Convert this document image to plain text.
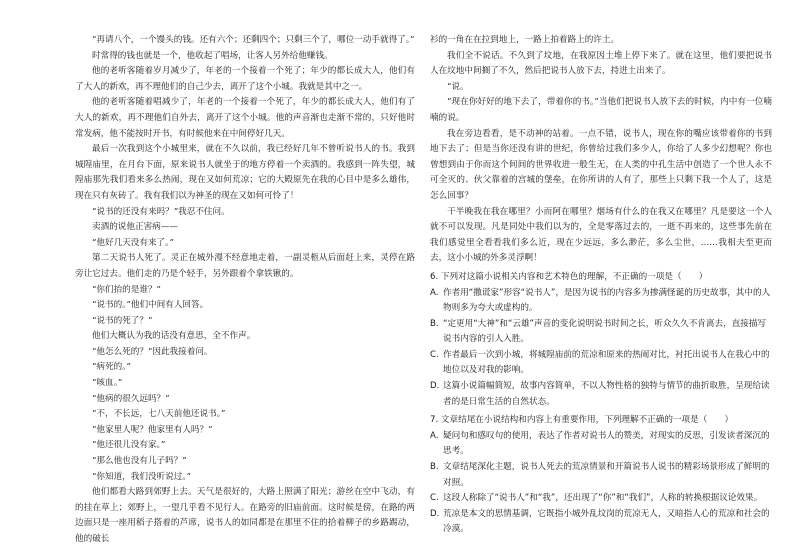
“再请八个，一个馒头的钱。还有六个；还剩四个；只剩三个了，哪位一动手就得了。”

时常得的钱也就是一个，他收起了唱场，让客人另外给他赚钱。

他的老听客随着岁月减少了，年老的一个接着一个死了；年少的都长成大人，他们有了大人的新欢，再不理他们的自己少去，离开了这个小城。我就是其中之一。

他的老听客随着唱减少了，年老的一个接着一个死了，年少的都长成大人，他们有了大人的新欢，再不理他们自外去，离开了这个小城。他的声音渐也走渐不常的，只好他时常发病，他不能按时开书，有时候他来在中间停好几天。

最后一次我到这个小城里来，就在不久以前，我已经好几年不曾听说书人的书。我到城隍庙里，在月台下面，原来说书人就坐于的地方停着一个卖酒的。我感到一阵失望，城隍庙那先我们看来多么热闹，现在又如何荒凉；它的大殿原先在我的心目中是多么雄伟，现在只有灰砖了。我有我们以为神圣的现在又如何可怜了！

“说书的还没有来吗？”我忍不住问。

卖酒的说他正害病——

“他好几天没有来了。”

第二天说书人死了。灵正在城外漫不经意地走着，一副灵柩从后面赶上来，灵停在路旁让它过去。他们走的乃是个轻手，另外跟着个拿铁锹的。

“你们抬的是谁？”

“说书的。”他们中间有人回答。

“说书的死了？”

他们大概认为我的话没有意思，全不作声。

“他怎么死的？”因此我接着问。

“病死的。”

“咳血。”

“他病的很久远吗？”

“不，不长远，七八天前他还说书。”

“他家里人呢？他家里有人吗？”

“他还很儿没有家。”

“那么他也没有儿子吗？”

“你知道，我们没听说过。”

他们都看大路到郊野上去。天气是很好的，大路上照满了阳光；游丝在空中飞动，有的挂在草上；郊野上，一望几乎看不见行人。在路旁的旧庙前面。这时候是傍，在路的两边面只是一座用稻子搭着的芦席，说书人的如同都是在那里不住的拾着柳子的乡路踢动，他的破长

衫的一角在在拉到地上，一路上拍着路上的许土。

我们全不说话。不久到了坟地，在我原因土堆上停下来了。就在这里，他们要把说书人在坟地中间搁了不久，然后把说书人放下去，持进土出来了。

“说。

“现在你好好的地下去了，带着你的书。”当他们把说书人放下去的时候，内中有一位喃喃的说。

我在旁边看看，是不动神的站着。一点不错，说书人，现在你的嘴应该带着你的书到地下去了；但是当你还没有讲的世纪，你曾给过我们多少人，你给了人多少幻想呢？你也曾想到由于你而这个间间的世界收进一般生无，在人类的中孔生活中创造了一个世人永不可全灭的、伙父靠着的宫城的堡垒，在你所讲的人有了，那些上只剩下我一个人了，这是怎么回事？

干半晚我在我在哪里？小而阿在哪里？烟场有什么的在我又在哪里？凡是要这一个人就不可以发现。凡是同处中我们以为的，全是零落过去的，一逝不再来的，这些事先前在我们感觉里全看看我们多么近，现在少远远，多么渺茫，多么尘世，……我相夫至更而去，这小小城的外多灵浮啊！

6. 下列对这篇小说相关内容和艺术特色的理解，不正确的一项是（　　）

A. 作者用“撒谎家”形容“说书人”，是因为说书的内容多为掺满怪诞的历史故事，其中的人物则多为夸大或虚构的。

B. “定更用“大神”和“云雄”声音的变化说明说书时间之长，听众久久不肯离去，直接描写说书内容的引人入胜。

C. 作者最后一次到小城，将城隍庙前的荒凉和原来的热闹对比，衬托出说书人在我心中的地位以及对我的影响。

D. 这篇小说篇幅简短，故事内容简单，不以人物性格的独特与情节的曲折取胜，呈现给读者的是日常生活的自然状态。

7. 文章结尾在小说结构和内容上有重要作用，下列理解不正确的一项是（　　）

A. 疑问句和感叹句的使用，表达了作者对说书人的赞美，对现实的反思，引发读者深沉的思考。

B. 文章结尾深化主题，说书人死去的荒凉情景和开篇说书人说书的精彩场景形成了鲜明的对照。

C. 这段人称除了“说书人”和“我”，还出现了“你”和“我们”，人称的转换根据议论效果。

D. 荒凉是本文的思情基调，它既指小城外乱坟岗的荒凉无人，又暗指人心的荒凉和社会的冷漠。
